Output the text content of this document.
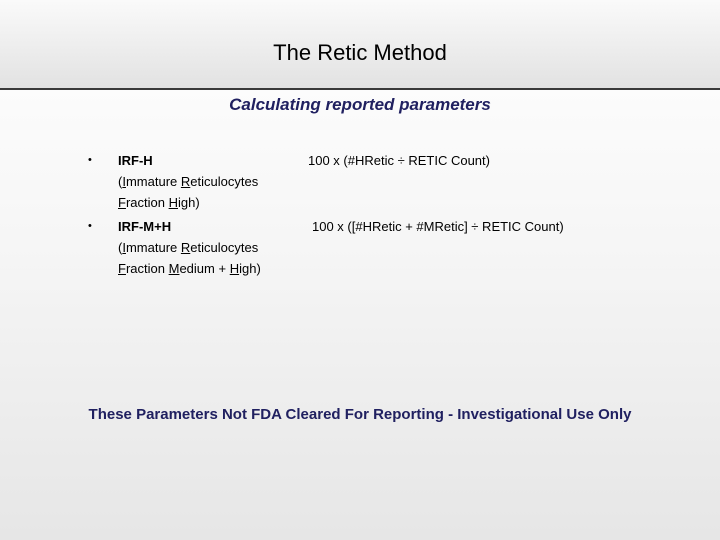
The Retic Method
Calculating reported parameters
• IRF-H	100 x (#HRetic ÷ RETIC Count)
(Immature Reticulocytes
Fraction High)
• IRF-M+H	100 x ([#HRetic + #MRetic] ÷ RETIC Count)
(Immature Reticulocytes
Fraction Medium + High)
These Parameters Not FDA Cleared For Reporting - Investigational Use Only
